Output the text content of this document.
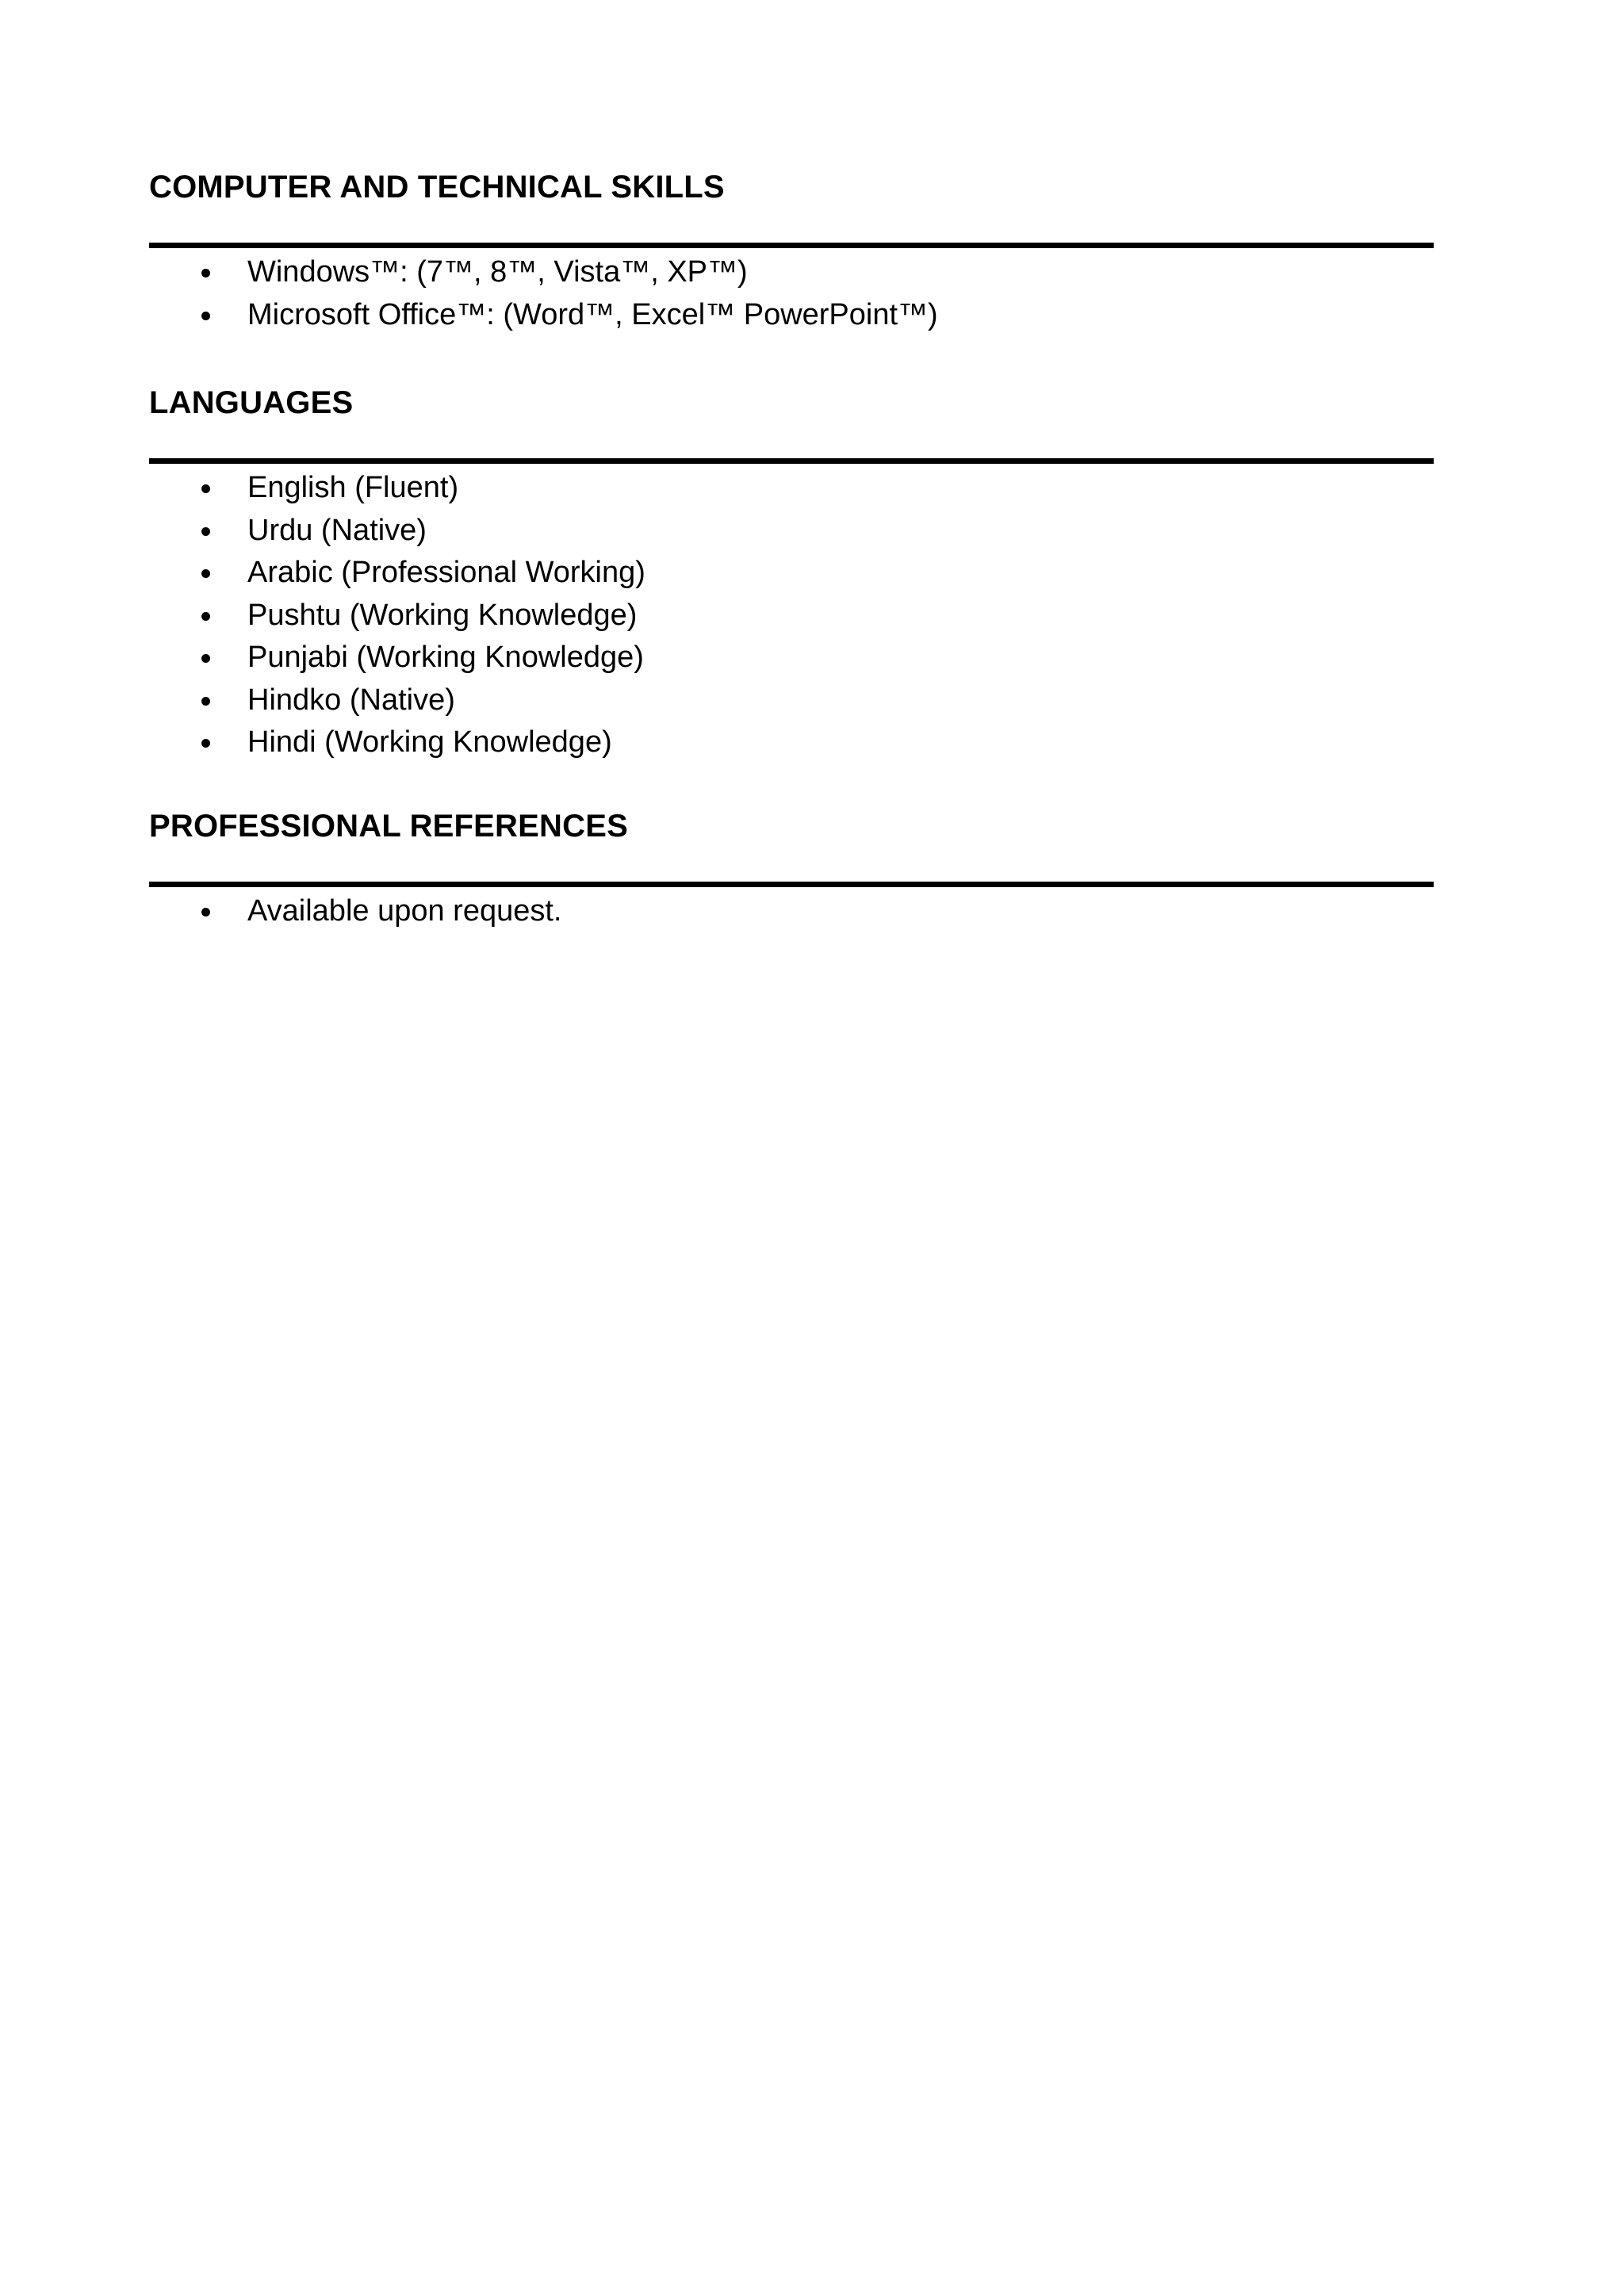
COMPUTER AND TECHNICAL SKILLS
Windows™: (7™, 8™, Vista™, XP™)
Microsoft Office™: (Word™, Excel™ PowerPoint™)
LANGUAGES
English (Fluent)
Urdu (Native)
Arabic (Professional Working)
Pushtu (Working Knowledge)
Punjabi (Working Knowledge)
Hindko (Native)
Hindi (Working Knowledge)
PROFESSIONAL REFERENCES
Available upon request.
